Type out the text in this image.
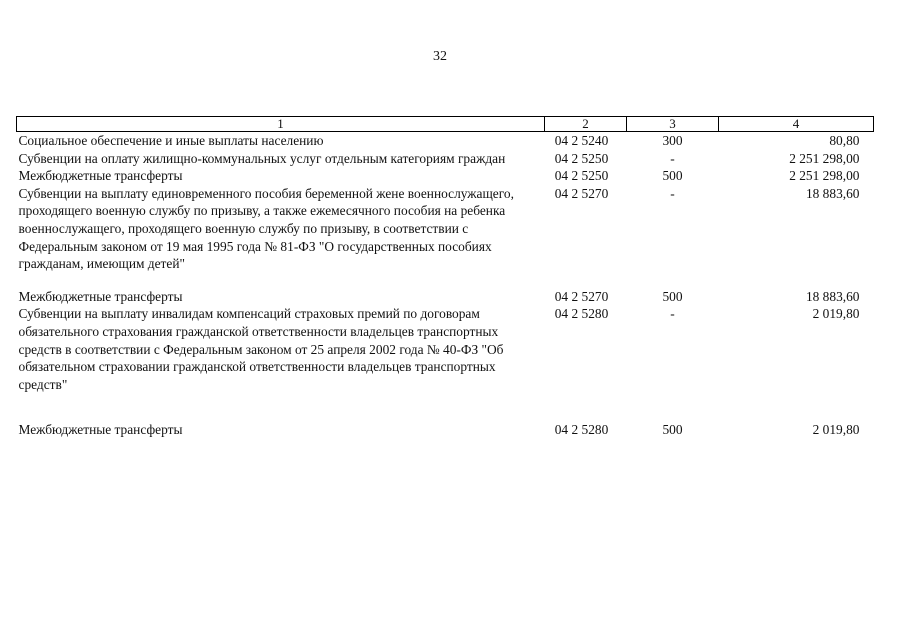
32
1	2	3	4
Социальное обеспечение и иные выплаты населению	04 2 5240	300	80,80
Субвенции на оплату жилищно-коммунальных услуг отдельным категориям граждан	04 2 5250	-	2 251 298,00
Межбюджетные трансферты	04 2 5250	500	2 251 298,00
Субвенции на выплату единовременного пособия беременной жене военнослужащего, проходящего военную службу по призыву, а также ежемесячного пособия на ребенка военнослужащего, проходящего военную службу по призыву, в соответствии с Федеральным законом от 19 мая 1995 года № 81-ФЗ "О государственных пособиях гражданам, имеющим детей"	04 2 5270	-	18 883,60
Межбюджетные трансферты	04 2 5270	500	18 883,60
Субвенции на выплату инвалидам компенсаций страховых премий по договорам обязательного страхования гражданской ответственности владельцев транспортных средств в соответствии с Федеральным законом от 25 апреля 2002 года № 40-ФЗ "Об обязательном страховании гражданской ответственности владельцев транспортных средств"	04 2 5280	-	2 019,80
Межбюджетные трансферты	04 2 5280	500	2 019,80
